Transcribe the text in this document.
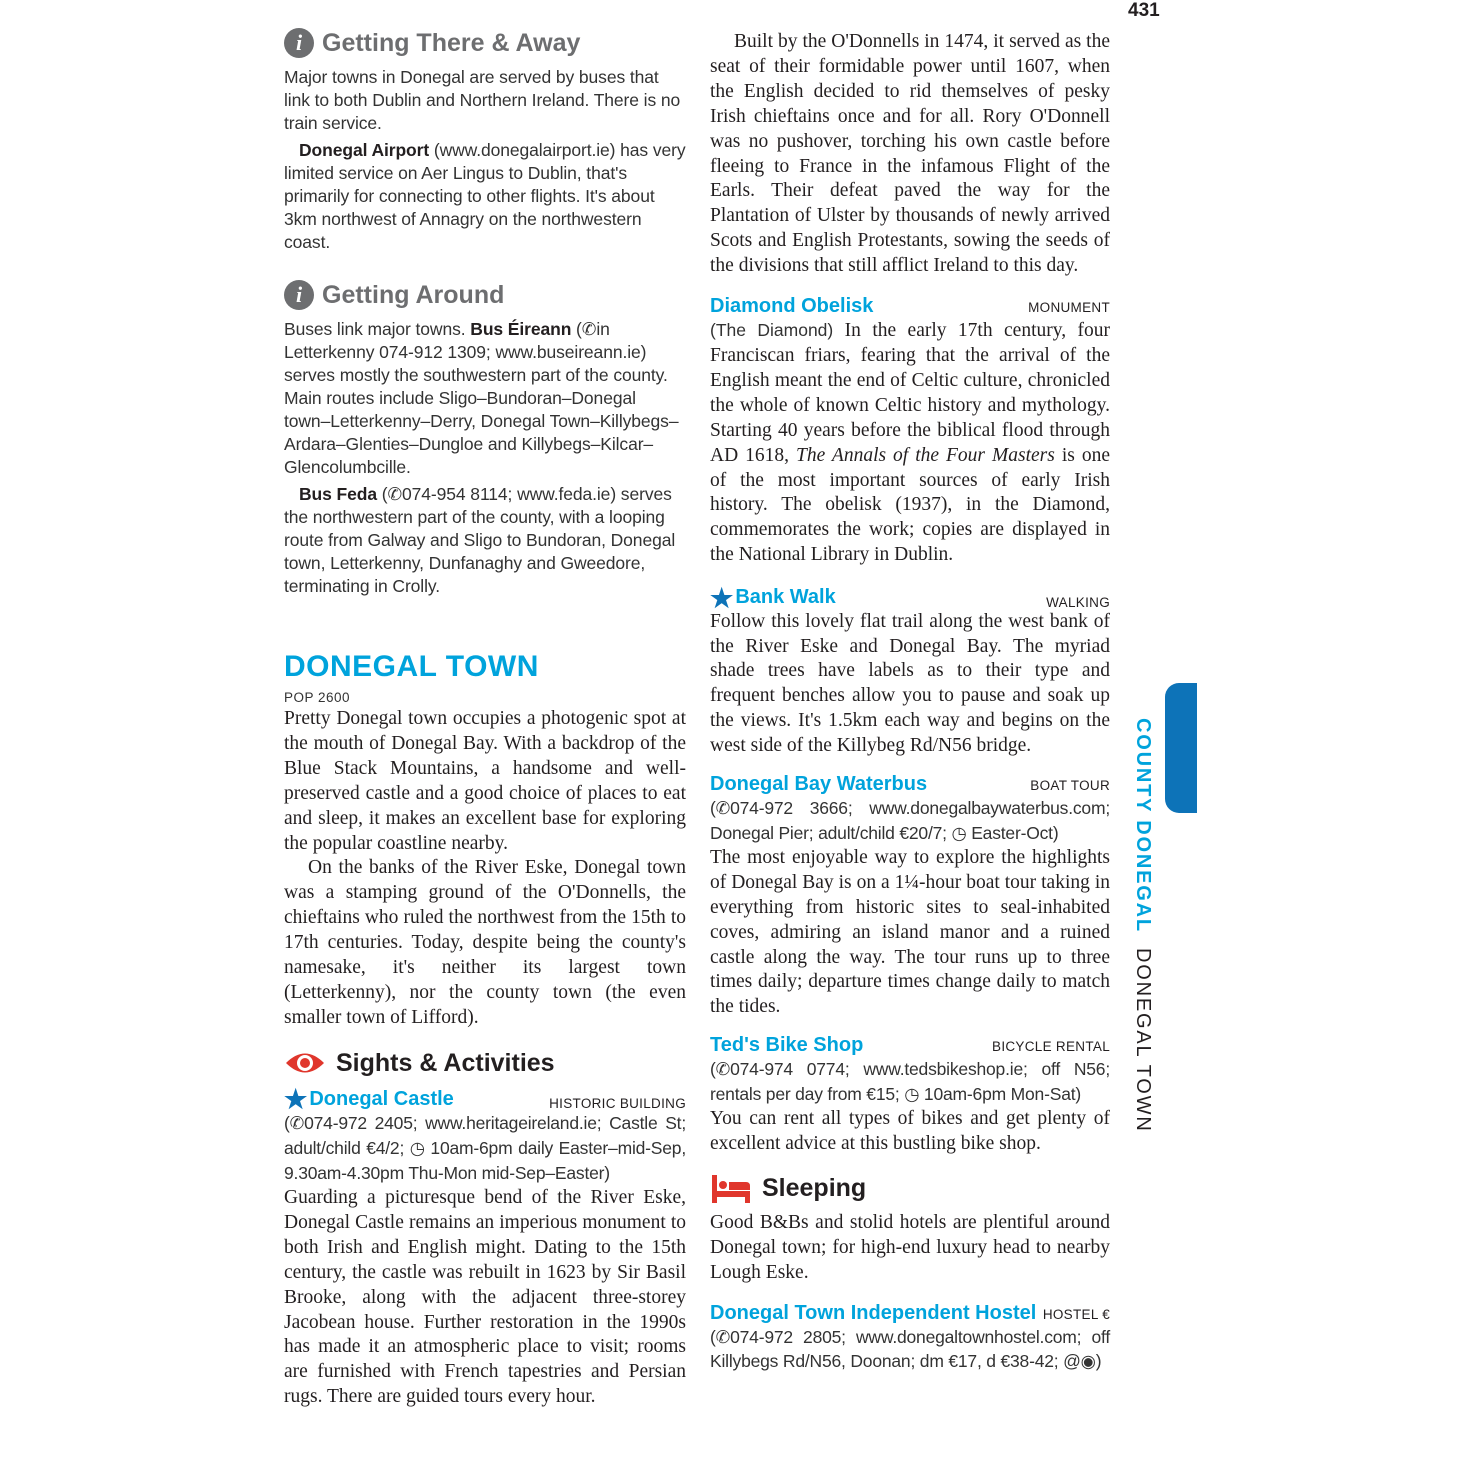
431
i Getting There & Away

Major towns in Donegal are served by buses that link to both Dublin and Northern Ireland. There is no train service.

Donegal Airport (www.donegalairport.ie) has very limited service on Aer Lingus to Dublin, that's primarily for connecting to other flights. It's about 3km northwest of Annagry on the northwestern coast.

i Getting Around

Buses link major towns. Bus Éireann (✆in Letterkenny 074-912 1309; www.buseireann.ie) serves mostly the southwestern part of the county. Main routes include Sligo–Bundoran–Donegal town–Letterkenny–Derry, Donegal Town–Killybegs–Ardara–Glenties–Dungloe and Killybegs–Kilcar–Glencolumbcille.

Bus Feda (✆074-954 8114; www.feda.ie) serves the northwestern part of the county, with a looping route from Galway and Sligo to Bundoran, Donegal town, Letterkenny, Dunfanaghy and Gweedore, terminating in Crolly.

DONEGAL TOWN
POP 2600

Pretty Donegal town occupies a photogenic spot at the mouth of Donegal Bay. With a backdrop of the Blue Stack Mountains, a handsome and well-preserved castle and a good choice of places to eat and sleep, it makes an excellent base for exploring the popular coastline nearby.

On the banks of the River Eske, Donegal town was a stamping ground of the O'Donnells, the chieftains who ruled the northwest from the 15th to 17th centuries. Today, despite being the county's namesake, it's neither its largest town (Letterkenny), nor the county town (the even smaller town of Lifford).

Sights & Activities
★ Donegal Castle	HISTORIC BUILDING

(✆074-972 2405; www.heritageireland.ie; Castle St; adult/child €4/2; ◷ 10am-6pm daily Easter–mid-Sep, 9.30am-4.30pm Thu-Mon mid-Sep–Easter)

Guarding a picturesque bend of the River Eske, Donegal Castle remains an imperious monument to both Irish and English might. Dating to the 15th century, the castle was rebuilt in 1623 by Sir Basil Brooke, along with the adjacent three-storey Jacobean house. Further restoration in the 1990s has made it an atmospheric place to visit; rooms are furnished with French tapestries and Persian rugs. There are guided tours every hour.

Built by the O'Donnells in 1474, it served as the seat of their formidable power until 1607, when the English decided to rid themselves of pesky Irish chieftains once and for all. Rory O'Donnell was no pushover, torching his own castle before fleeing to France in the infamous Flight of the Earls. Their defeat paved the way for the Plantation of Ulster by thousands of newly arrived Scots and English Protestants, sowing the seeds of the divisions that still afflict Ireland to this day.

Diamond Obelisk	MONUMENT

(The Diamond) In the early 17th century, four Franciscan friars, fearing that the arrival of the English meant the end of Celtic culture, chronicled the whole of known Celtic history and mythology. Starting 40 years before the biblical flood through AD 1618, The Annals of the Four Masters is one of the most important sources of early Irish history. The obelisk (1937), in the Diamond, commemorates the work; copies are displayed in the National Library in Dublin.

★ Bank Walk	WALKING

Follow this lovely flat trail along the west bank of the River Eske and Donegal Bay. The myriad shade trees have labels as to their type and frequent benches allow you to pause and soak up the views. It's 1.5km each way and begins on the west side of the Killybeg Rd/N56 bridge.

Donegal Bay Waterbus	BOAT TOUR

(✆074-972 3666; www.donegalbaywaterbus.com; Donegal Pier; adult/child €20/7; ◷ Easter-Oct)

The most enjoyable way to explore the highlights of Donegal Bay is on a 1¼-hour boat tour taking in everything from historic sites to seal-inhabited coves, admiring an island manor and a ruined castle along the way. The tour runs up to three times daily; departure times change daily to match the tides.

Ted's Bike Shop	BICYCLE RENTAL

(✆074-974 0774; www.tedsbikeshop.ie; off N56; rentals per day from €15; ◷ 10am-6pm Mon-Sat)

You can rent all types of bikes and get plenty of excellent advice at this bustling bike shop.

Sleeping

Good B&Bs and stolid hotels are plentiful around Donegal town; for high-end luxury head to nearby Lough Eske.

Donegal Town Independent Hostel HOSTEL €

(✆074-972 2805; www.donegaltownhostel.com; off Killybegs Rd/N56, Doonan; dm €17, d €38-42; @◉)

COUNTY DONEGAL DONEGAL TOWN
